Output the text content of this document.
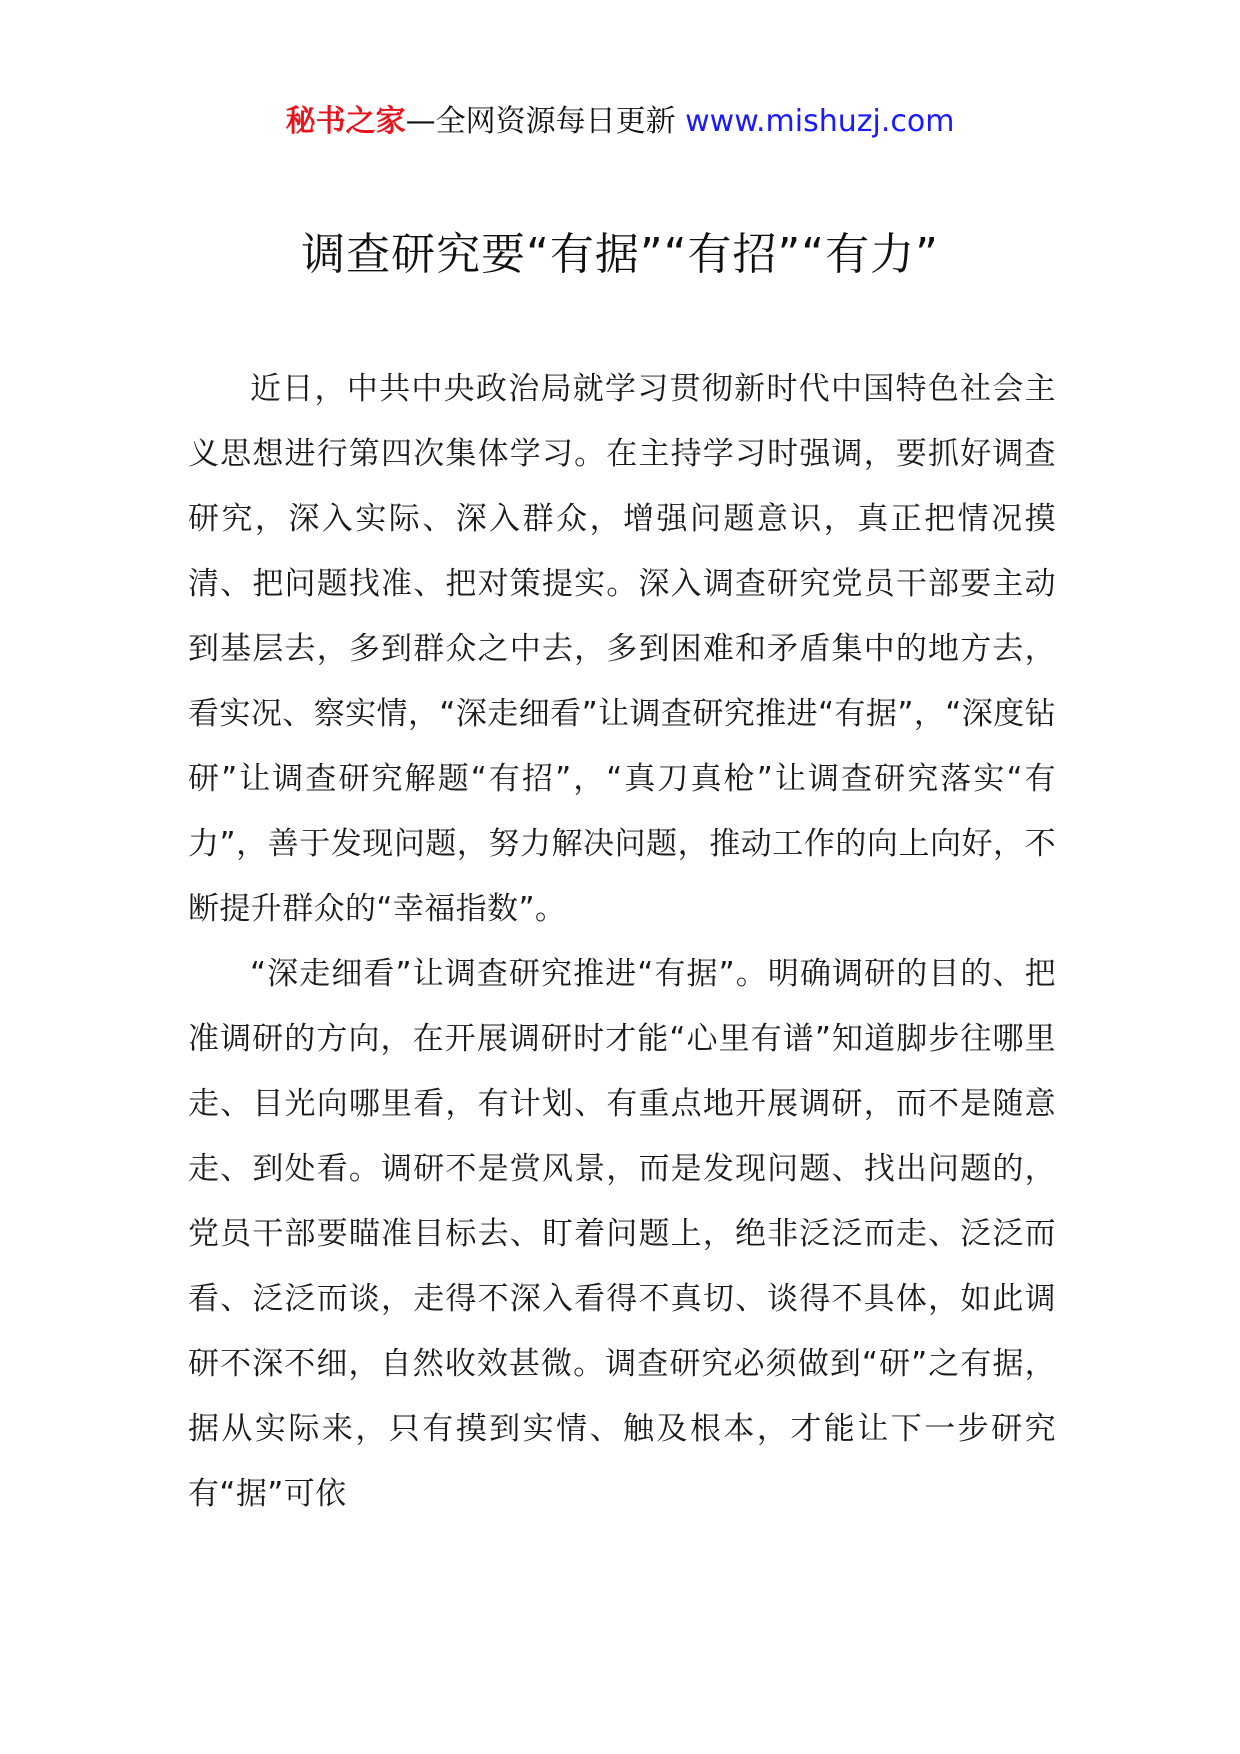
秘书之家—全网资源每日更新 www.mishuzj.com
调查研究要“有据”“有招”“有力”

近日，中共中央政治局就学习贯彻新时代中国特色社会主义思想进行第四次集体学习。在主持学习时强调，要抓好调查研究，深入实际、深入群众，增强问题意识，真正把情况摸清、把问题找准、把对策提实。深入调查研究党员干部要主动到基层去，多到群众之中去，多到困难和矛盾集中的地方去，看实况、察实情，“深走细看”让调查研究推进“有据”，“深度钻研”让调查研究解题“有招”，“真刀真枪”让调查研究落实“有力”，善于发现问题，努力解决问题，推动工作的向上向好，不断提升群众的“幸福指数”。

“深走细看”让调查研究推进“有据”。明确调研的目的、把准调研的方向，在开展调研时才能“心里有谱”知道脚步往哪里走、目光向哪里看，有计划、有重点地开展调研，而不是随意走、到处看。调研不是赏风景，而是发现问题、找出问题的，党员干部要瞄准目标去、盯着问题上，绝非泛泛而走、泛泛而看、泛泛而谈，走得不深入看得不真切、谈得不具体，如此调研不深不细，自然收效甚微。调查研究必须做到“研”之有据，据从实际来，只有摸到实情、触及根本，才能让下一步研究有“据”可依
